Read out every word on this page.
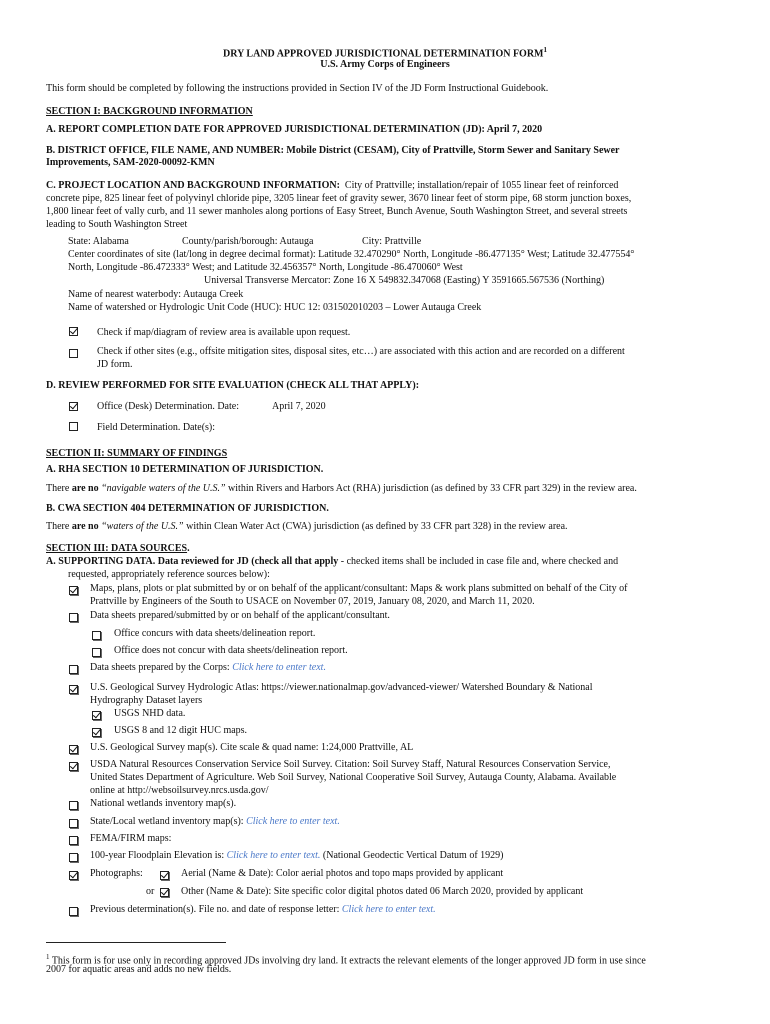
DRY LAND APPROVED JURISDICTIONAL DETERMINATION FORM$^1$
U.S. Army Corps of Engineers
This form should be completed by following the instructions provided in Section IV of the JD Form Instructional Guidebook.
SECTION I: BACKGROUND INFORMATION
A. REPORT COMPLETION DATE FOR APPROVED JURISDICTIONAL DETERMINATION (JD): April 7, 2020
B. DISTRICT OFFICE, FILE NAME, AND NUMBER: Mobile District (CESAM), City of Prattville, Storm Sewer and Sanitary Sewer
Improvements, SAM-2020-00092-KMN
C. PROJECT LOCATION AND BACKGROUND INFORMATION: City of Prattville; installation/repair of 1055 linear feet of reinforced
concrete pipe, 825 linear feet of polyvinyl chloride pipe, 3205 linear feet of gravity sewer, 3670 linear feet of storm pipe, 68 storm junction boxes,
1,800 linear feet of vally curb, and 11 sewer manholes along portions of Easy Street, Bunch Avenue, South Washington Street, and several streets
leading to South Washington Street
State: Alabama	County/parish/borough: Autauga	City: Prattville
Center coordinates of site (lat/long in degree decimal format): Latitude 32.470290° North, Longitude -86.477135° West; Latitude 32.477554°
North, Longitude -86.472333° West; and Latitude 32.456357° North, Longitude -86.470060° West
Universal Transverse Mercator: Zone 16 X 549832.347068 (Easting) Y 3591665.567536 (Northing)
Name of nearest waterbody: Autauga Creek
Name of watershed or Hydrologic Unit Code (HUC): HUC 12: 031502010203 – Lower Autauga Creek
Check if map/diagram of review area is available upon request.
Check if other sites (e.g., offsite mitigation sites, disposal sites, etc…) are associated with this action and are recorded on a different
JD form.
D. REVIEW PERFORMED FOR SITE EVALUATION (CHECK ALL THAT APPLY):
Office (Desk) Determination. Date:	April 7, 2020
Field Determination. Date(s):
SECTION II: SUMMARY OF FINDINGS
A. RHA SECTION 10 DETERMINATION OF JURISDICTION.
There are no “navigable waters of the U.S.” within Rivers and Harbors Act (RHA) jurisdiction (as defined by 33 CFR part 329) in the review area.
B. CWA SECTION 404 DETERMINATION OF JURISDICTION.
There are no “waters of the U.S.” within Clean Water Act (CWA) jurisdiction (as defined by 33 CFR part 328) in the review area.
SECTION III: DATA SOURCES.
A. SUPPORTING DATA. Data reviewed for JD (check all that apply - checked items shall be included in case file and, where checked and
requested, appropriately reference sources below):
Maps, plans, plots or plat submitted by or on behalf of the applicant/consultant: Maps & work plans submitted on behalf of the City of
Prattville by Engineers of the South to USACE on November 07, 2019, January 08, 2020, and March 11, 2020.
Data sheets prepared/submitted by or on behalf of the applicant/consultant.
Office concurs with data sheets/delineation report.
Office does not concur with data sheets/delineation report.
Data sheets prepared by the Corps: Click here to enter text.
U.S. Geological Survey Hydrologic Atlas: https://viewer.nationalmap.gov/advanced-viewer/ Watershed Boundary & National
Hydrography Dataset layers
USGS NHD data.
USGS 8 and 12 digit HUC maps.
U.S. Geological Survey map(s). Cite scale & quad name: 1:24,000 Prattville, AL
USDA Natural Resources Conservation Service Soil Survey. Citation: Soil Survey Staff, Natural Resources Conservation Service,
United States Department of Agriculture. Web Soil Survey, National Cooperative Soil Survey, Autauga County, Alabama. Available
online at http://websoilsurvey.nrcs.usda.gov/
National wetlands inventory map(s).
State/Local wetland inventory map(s): Click here to enter text.
FEMA/FIRM maps:
100-year Floodplain Elevation is: Click here to enter text. (National Geodectic Vertical Datum of 1929)
Photographs:	Aerial (Name & Date): Color aerial photos and topo maps provided by applicant
or	Other (Name & Date): Site specific color digital photos dated 06 March 2020, provided by applicant
Previous determination(s). File no. and date of response letter: Click here to enter text.
$^1$ This form is for use only in recording approved JDs involving dry land. It extracts the relevant elements of the longer approved JD form in use since
2007 for aquatic areas and adds no new fields.
